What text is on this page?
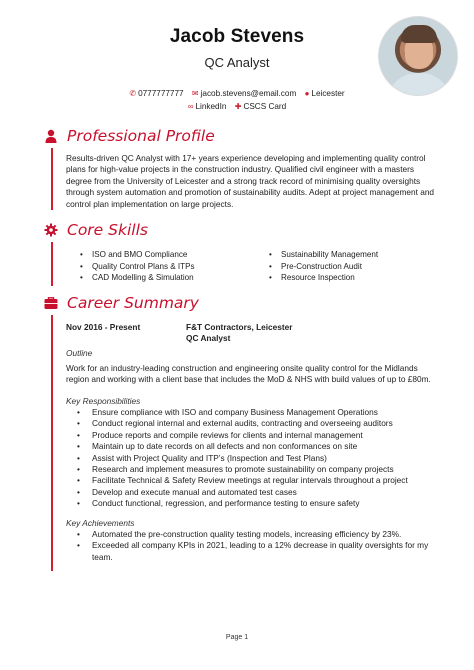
Jacob Stevens
QC Analyst
✆ 0777777777 ✉ jacob.stevens@email.com ● Leicester
∞ LinkedIn ✚ CSCS Card
Professional Profile
Results-driven QC Analyst with 17+ years experience developing and implementing quality control plans for high-value projects in the construction industry. Qualified civil engineer with a masters degree from the University of Leicester and a strong track record of minimising quality oversights through system automation and promotion of sustainability audits. Adept at project management and control plan implementation on large projects.
Core Skills
• ISO and BMO Compliance
• Quality Control Plans & ITPs
• CAD Modelling & Simulation
• Sustainability Management
• Pre-Construction Audit
• Resource Inspection
Career Summary
Nov 2016 - Present	F&T Contractors, Leicester
QC Analyst
Outline
Work for an industry-leading construction and engineering onsite quality control for the Midlands region and working with a client base that includes the MoD & NHS with build values of up to £80m.
Key Responsibilities
• Ensure compliance with ISO and company Business Management Operations
• Conduct regional internal and external audits, contracting and overseeing auditors
• Produce reports and compile reviews for clients and internal management
• Maintain up to date records on all defects and non conformances on site
• Assist with Project Quality and ITP’s (Inspection and Test Plans)
• Research and implement measures to promote sustainability on company projects
• Facilitate Technical & Safety Review meetings at regular intervals throughout a project
• Develop and execute manual and automated test cases
• Conduct functional, regression, and performance testing to ensure safety
Key Achievements
• Automated the pre-construction quality testing models, increasing efficiency by 23%.
• Exceeded all company KPIs in 2021, leading to a 12% decrease in quality oversights for my team.
Page 1
